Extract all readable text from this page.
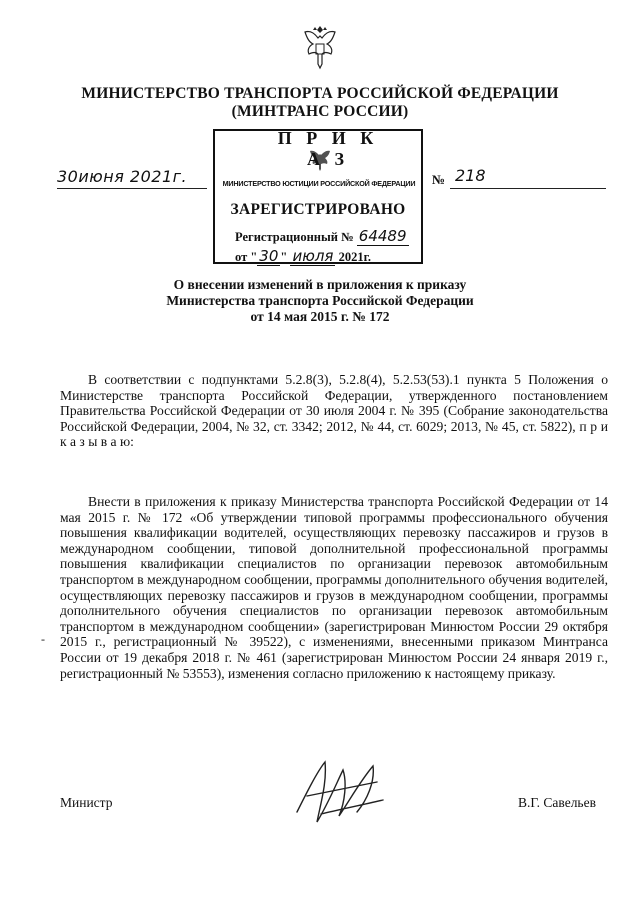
МИНИСТЕРСТВО ТРАНСПОРТА РОССИЙСКОЙ ФЕДЕРАЦИИ
(МИНТРАНС РОССИИ)
МИНИСТЕРСТВО ЮСТИЦИИ РОССИЙСКОЙ ФЕДЕРАЦИИ
ЗАРЕГИСТРИРОВАНО
Регистрационный № 64489
от " 30 " июля 2021г.
П Р И К А З
30июня 2021г.	№ 218
О внесении изменений в приложения к приказу
Министерства транспорта Российской Федерации
от 14 мая 2015 г. № 172

В соответствии с подпунктами 5.2.8(3), 5.2.8(4), 5.2.53(53).1 пункта 5 Положения о Министерстве транспорта Российской Федерации, утвержденного постановлением Правительства Российской Федерации от 30 июля 2004 г. № 395 (Собрание законодательства Российской Федерации, 2004, № 32, ст. 3342; 2012, № 44, ст. 6029; 2013, № 45, ст. 5822), п р и к а з ы в а ю:

Внести в приложения к приказу Министерства транспорта Российской Федерации от 14 мая 2015 г. № 172 «Об утверждении типовой программы профессионального обучения повышения квалификации водителей, осуществляющих перевозку пассажиров и грузов в международном сообщении, типовой дополнительной профессиональной программы повышения квалификации специалистов по организации перевозок автомобильным транспортом в международном сообщении, программы дополнительного обучения водителей, осуществляющих перевозку пассажиров и грузов в международном сообщении, программы дополнительного обучения специалистов по организации перевозок автомобильным транспортом в международном сообщении» (зарегистрирован Минюстом России 29 октября 2015 г., регистрационный № 39522), с изменениями, внесенными приказом Минтранса России от 19 декабря 2018 г. № 461 (зарегистрирован Минюстом России 24 января 2019 г., регистрационный № 53553), изменения согласно приложению к настоящему приказу.

-
Министр	В.Г. Савельев
